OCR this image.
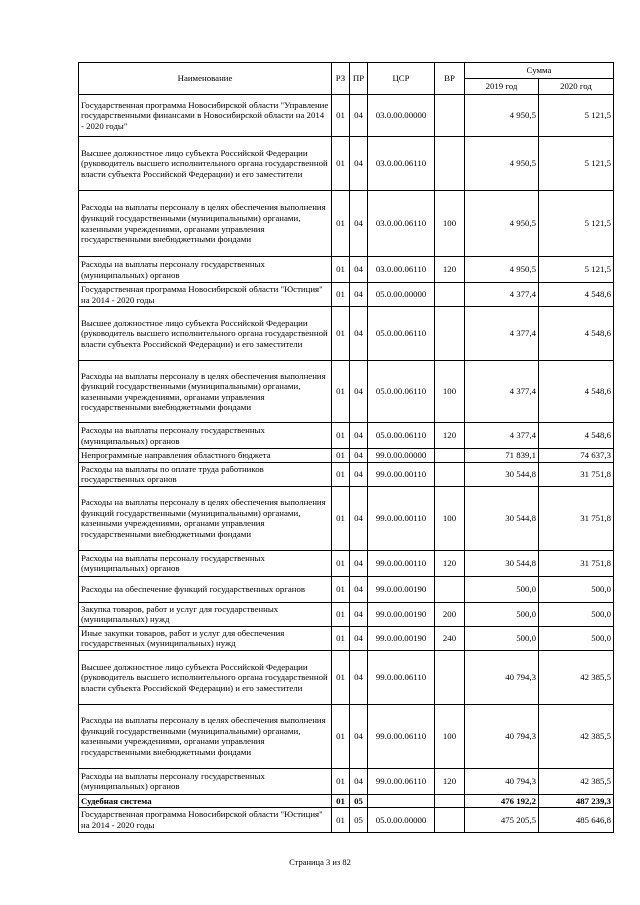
Наименование	РЗ	ПР	ЦСР	ВР	Сумма	
					2019 год	2020 год
Государственная программа Новосибирской области "Управление государственными финансами в Новосибирской области на 2014 - 2020 годы"	01	04	03.0.00.00000		4 950,5	5 121,5
Высшее должностное лицо субъекта Российской Федерации (руководитель высшего исполнительного органа государственной власти субъекта Российской Федерации) и его заместители	01	04	03.0.00.06110		4 950,5	5 121,5
Расходы на выплаты персоналу в целях обеспечения выполнения функций государственными (муниципальными) органами, казенными учреждениями, органами управления государственными внебюджетными фондами	01	04	03.0.00.06110	100	4 950,5	5 121,5
Расходы на выплаты персоналу государственных (муниципальных) органов	01	04	03.0.00.06110	120	4 950,5	5 121,5
Государственная программа Новосибирской области "Юстиция" на 2014 - 2020 годы	01	04	05.0.00.00000		4 377,4	4 548,6
Высшее должностное лицо субъекта Российской Федерации (руководитель высшего исполнительного органа государственной власти субъекта Российской Федерации) и его заместители	01	04	05.0.00.06110		4 377,4	4 548,6
Расходы на выплаты персоналу в целях обеспечения выполнения функций государственными (муниципальными) органами, казенными учреждениями, органами управления государственными внебюджетными фондами	01	04	05.0.00.06110	100	4 377,4	4 548,6
Расходы на выплаты персоналу государственных (муниципальных) органов	01	04	05.0.00.06110	120	4 377,4	4 548,6
Непрограммные направления областного бюджета	01	04	99.0.00.00000		71 839,1	74 637,3
Расходы на выплаты по оплате труда работников государственных органов	01	04	99.0.00.00110		30 544,8	31 751,8
Расходы на выплаты персоналу в целях обеспечения выполнения функций государственными (муниципальными) органами, казенными учреждениями, органами управления государственными внебюджетными фондами	01	04	99.0.00.00110	100	30 544,8	31 751,8
Расходы на выплаты персоналу государственных (муниципальных) органов	01	04	99.0.00.00110	120	30 544,8	31 751,8
Расходы на обеспечение функций государственных органов	01	04	99.0.00.00190		500,0	500,0
Закупка товаров, работ и услуг для государственных (муниципальных) нужд	01	04	99.0.00.00190	200	500,0	500,0
Иные закупки товаров, работ и услуг для обеспечения государственных (муниципальных) нужд	01	04	99.0.00.00190	240	500,0	500,0
Высшее должностное лицо субъекта Российской Федерации (руководитель высшего исполнительного органа государственной власти субъекта Российской Федерации) и его заместители	01	04	99.0.00.06110		40 794,3	42 385,5
Расходы на выплаты персоналу в целях обеспечения выполнения функций государственными (муниципальными) органами, казенными учреждениями, органами управления государственными внебюджетными фондами	01	04	99.0.00.06110	100	40 794,3	42 385,5
Расходы на выплаты персоналу государственных (муниципальных) органов	01	04	99.0.00.06110	120	40 794,3	42 385,5
Судебная система	01	05			476 192,2	487 239,3
Государственная программа Новосибирской области "Юстиция" на 2014 - 2020 годы	01	05	05.0.00.00000		475 205,5	485 646,8
Страница 3 из 82
